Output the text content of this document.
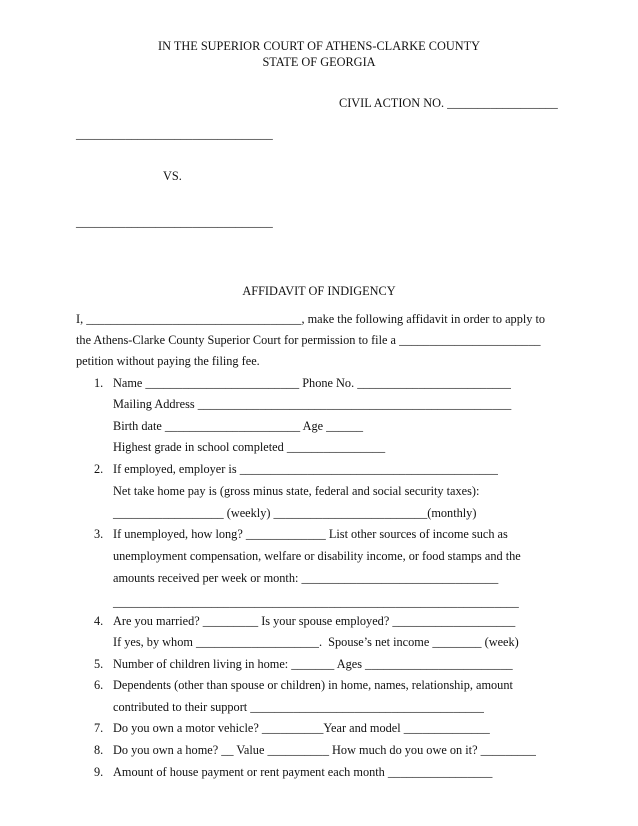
IN THE SUPERIOR COURT OF ATHENS-CLARKE COUNTY
STATE OF GEORGIA
CIVIL ACTION NO. __________________
________________________________
VS.
________________________________
AFFIDAVIT OF INDIGENCY
I, ___________________________________, make the following affidavit in order to apply to
the Athens-Clarke County Superior Court for permission to file a _______________________
petition without paying the filing fee.
1. Name _________________________ Phone No. _________________________
Mailing Address ___________________________________________________
Birth date ______________________ Age ______
Highest grade in school completed ________________
2. If employed, employer is __________________________________________
Net take home pay is (gross minus state, federal and social security taxes):
__________________ (weekly) _________________________(monthly)
3. If unemployed, how long? _____________ List other sources of income such as
unemployment compensation, welfare or disability income, or food stamps and the
amounts received per week or month: ________________________________
__________________________________________________________________
4. Are you married? _________ Is your spouse employed? ____________________
If yes, by whom ____________________.  Spouse’s net income ________ (week)
5. Number of children living in home: _______ Ages ________________________
6. Dependents (other than spouse or children) in home, names, relationship, amount
contributed to their support ______________________________________
7. Do you own a motor vehicle? __________Year and model ______________
8. Do you own a home? __ Value __________ How much do you owe on it? _________
9. Amount of house payment or rent payment each month _________________
